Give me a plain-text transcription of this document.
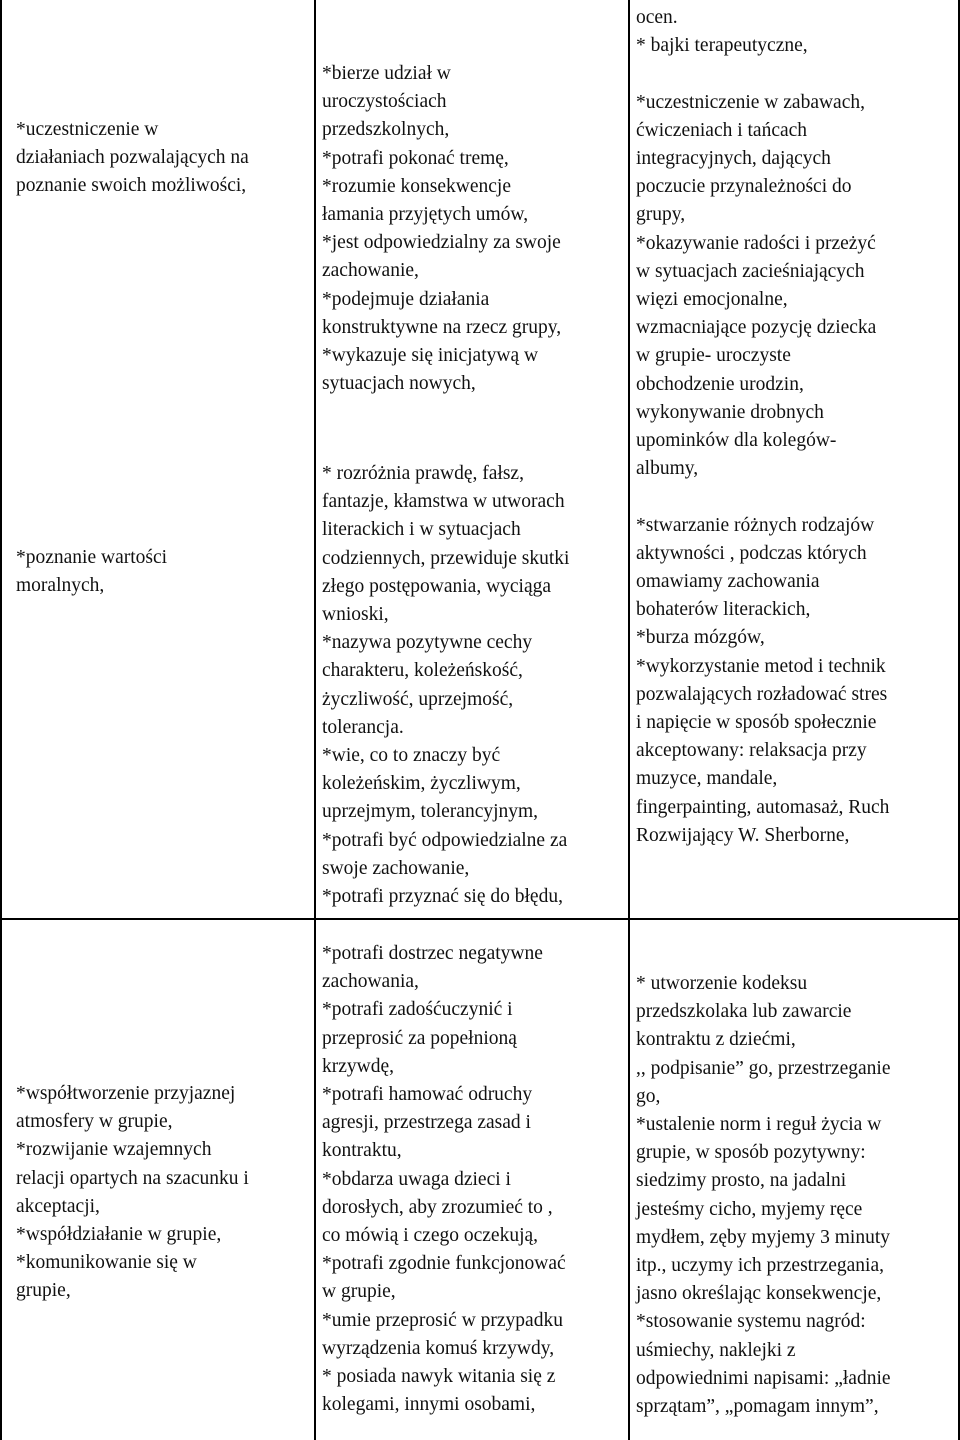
*uczestniczenie w
działaniach pozwalających na
poznanie swoich możliwości,
*bierze udział w
uroczystościach
przedszkolnych,
*potrafi pokonać tremę,
*rozumie konsekwencje
łamania przyjętych umów,
*jest odpowiedzialny za swoje
zachowanie,
*podejmuje działania
konstruktywne na rzecz grupy,
*wykazuje się inicjatywą w
sytuacjach nowych,
ocen.
* bajki terapeutyczne,

*uczestniczenie w zabawach,
ćwiczeniach i tańcach
integracyjnych, dających
poczucie przynależności do
grupy,
*okazywanie radości i przeżyć
w sytuacjach zacieśniających
więzi emocjonalne,
wzmacniające pozycję dziecka
w grupie- uroczyste
obchodzenie urodzin,
wykonywanie drobnych
upominków dla kolegów-
albumy,

*stwarzanie różnych rodzajów
aktywności , podczas których
omawiamy zachowania
bohaterów literackich,
*burza mózgów,
*wykorzystanie metod i technik
pozwalających rozładować stres
i napięcie w sposób społecznie
akceptowany: relaksacja przy
muzyce, mandale,
fingerpainting, automasaż, Ruch
Rozwijający W. Sherborne,
*poznanie wartości
moralnych,
* rozróżnia prawdę, fałsz,
fantazje, kłamstwa w utworach
literackich i w sytuacjach
codziennych, przewiduje skutki
złego postępowania, wyciąga
wnioski,
*nazywa pozytywne cechy
charakteru, koleżeńskość,
życzliwość, uprzejmość,
tolerancja.
*wie, co to znaczy być
koleżeńskim, życzliwym,
uprzejmym, tolerancyjnym,
*potrafi być odpowiedzialne za
swoje zachowanie,
*potrafi przyznać się do błędu,
*współtworzenie przyjaznej
atmosfery w grupie,
*rozwijanie wzajemnych
relacji opartych na szacunku i
akceptacji,
*współdziałanie w grupie,
*komunikowanie się w
grupie,
*potrafi dostrzec negatywne
zachowania,
*potrafi zadośćuczynić i
przeprosić za popełnioną
krzywdę,
*potrafi hamować odruchy
agresji, przestrzega zasad i
kontraktu,
*obdarza uwaga dzieci i
dorosłych, aby zrozumieć to ,
co mówią i czego oczekują,
*potrafi zgodnie funkcjonować
w grupie,
*umie przeprosić w przypadku
wyrządzenia komuś krzywdy,
* posiada nawyk witania się z
kolegami, innymi osobami,
* utworzenie kodeksu
przedszkolaka lub zawarcie
kontraktu z dziećmi,
,, podpisanie” go, przestrzeganie
go,
*ustalenie norm i reguł życia w
grupie, w sposób pozytywny:
siedzimy prosto, na jadalni
jesteśmy cicho, myjemy ręce
mydłem, zęby myjemy 3 minuty
itp., uczymy ich przestrzegania,
jasno określając konsekwencje,
*stosowanie systemu nagród:
uśmiechy, naklejki z
odpowiednimi napisami: „ładnie
sprzątam”, „pomagam innym”,
